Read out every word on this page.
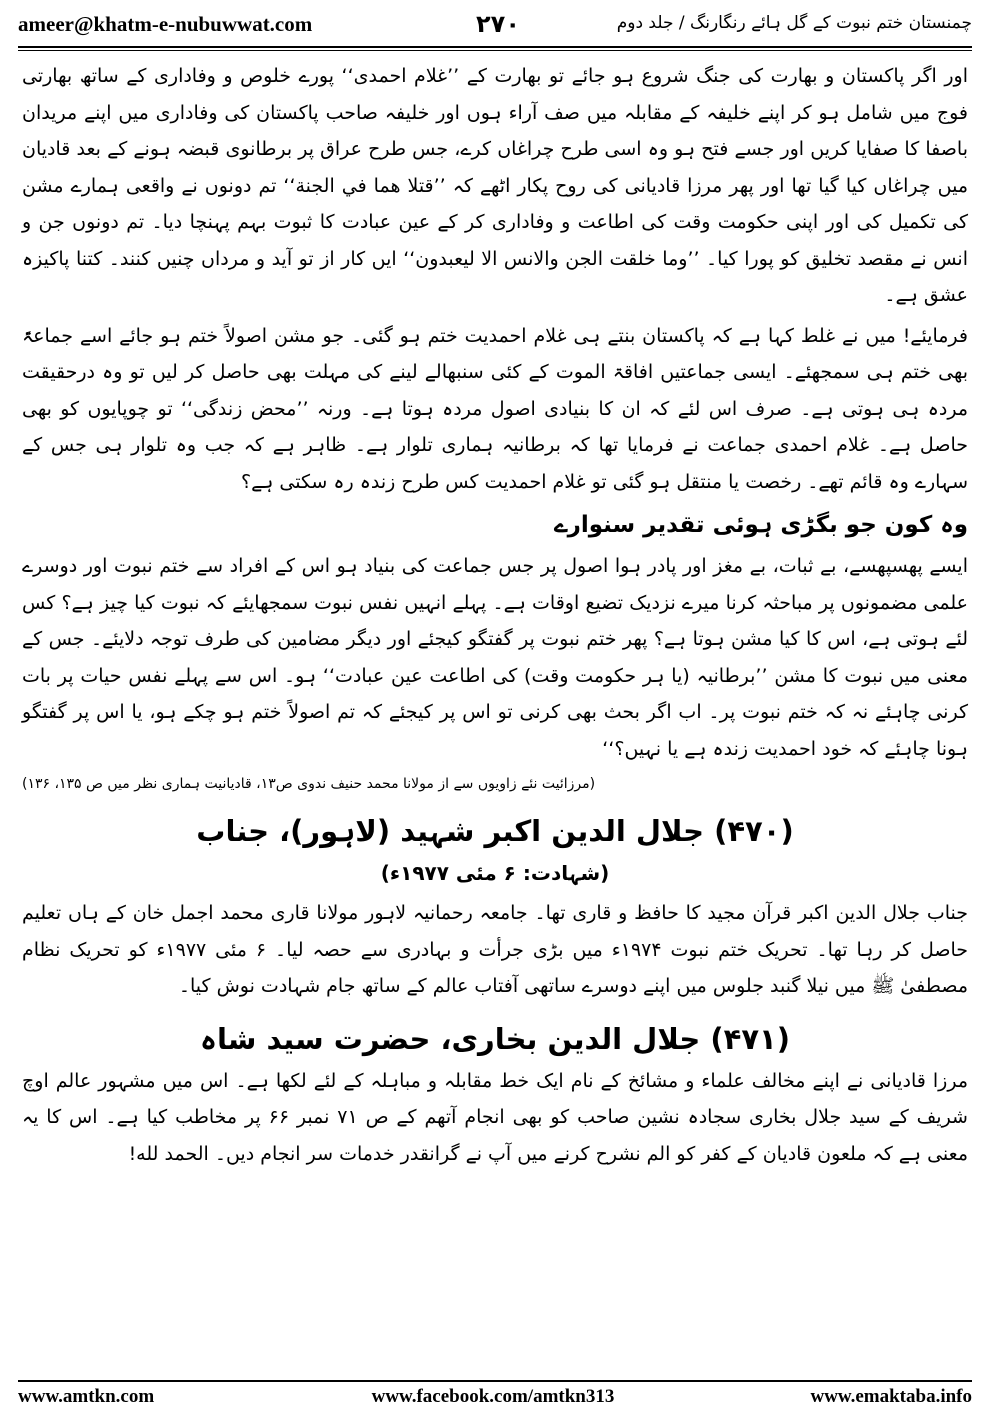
ameer@khatm-e-nubuwwat.com	۲۷۰	چمنستان ختم نبوت کے گل ہائے رنگارنگ / جلد دوم

اور اگر پاکستان و بھارت کی جنگ شروع ہو جائے تو بھارت کے ’’غلام احمدی‘‘ پورے خلوص و وفاداری کے ساتھ بھارتی فوج میں شامل ہو کر اپنے خلیفہ کے مقابلہ میں صف آراء ہوں اور خلیفہ صاحب پاکستان کی وفاداری میں اپنے مریدان باصفا کا صفایا کریں اور جسے فتح ہو وہ اسی طرح چراغاں کرے، جس طرح عراق پر برطانوی قبضہ ہونے کے بعد قادیان میں چراغاں کیا گیا تھا اور پھر مرزا قادیانی کی روح پکار اٹھے کہ ’’قتلا هما في الجنة‘‘ تم دونوں نے واقعی ہمارے مشن کی تکمیل کی اور اپنی حکومت وقت کی اطاعت و وفاداری کر کے عین عبادت کا ثبوت بہم پہنچا دیا۔ تم دونوں جن و انس نے مقصد تخلیق کو پورا کیا۔ ’’وما خلقت الجن والانس الا لیعبدون‘‘ ایں کار از تو آید و مرداں چنیں کنند۔ کتنا پاکیزہ عشق ہے۔

فرمایئے! میں نے غلط کہا ہے کہ پاکستان بنتے ہی غلام احمدیت ختم ہو گئی۔ جو مشن اصولاً ختم ہو جائے اسے جماعۃً بھی ختم ہی سمجھئے۔ ایسی جماعتیں افاقۃ الموت کے کئی سنبھالے لینے کی مہلت بھی حاصل کر لیں تو وہ درحقیقت مردہ ہی ہوتی ہے۔ صرف اس لئے کہ ان کا بنیادی اصول مردہ ہوتا ہے۔ ورنہ ’’محض زندگی‘‘ تو چوپایوں کو بھی حاصل ہے۔ غلام احمدی جماعت نے فرمایا تھا کہ برطانیہ ہماری تلوار ہے۔ ظاہر ہے کہ جب وہ تلوار ہی جس کے سہارے وہ قائم تھے۔ رخصت یا منتقل ہو گئی تو غلام احمدیت کس طرح زندہ رہ سکتی ہے؟

وہ کون جو بگڑی ہوئی تقدیر سنوارے

ایسے پھسپھسے، بے ثبات، بے مغز اور پادر ہوا اصول پر جس جماعت کی بنیاد ہو اس کے افراد سے ختم نبوت اور دوسرے علمی مضمونوں پر مباحثہ کرنا میرے نزدیک تضیع اوقات ہے۔ پہلے انہیں نفس نبوت سمجھایئے کہ نبوت کیا چیز ہے؟ کس لئے ہوتی ہے، اس کا کیا مشن ہوتا ہے؟ پھر ختم نبوت پر گفتگو کیجئے اور دیگر مضامین کی طرف توجہ دلایئے۔ جس کے معنی میں نبوت کا مشن ’’برطانیہ (یا ہر حکومت وقت) کی اطاعت عین عبادت‘‘ ہو۔ اس سے پہلے نفس حیات پر بات کرنی چاہئے نہ کہ ختم نبوت پر۔ اب اگر بحث بھی کرنی تو اس پر کیجئے کہ تم اصولاً ختم ہو چکے ہو، یا اس پر گفتگو ہونا چاہئے کہ خود احمدیت زندہ ہے یا نہیں؟‘‘

(مرزائیت نئے زاویوں سے از مولانا محمد حنیف ندوی ص۱۳، قادیانیت ہماری نظر میں ص ۱۳۵، ۱۳۶)
(۴۷۰) جلال الدین اکبر شہید (لاہور)، جناب
(شہادت: ۶ مئی ۱۹۷۷ء)

جناب جلال الدین اکبر قرآن مجید کا حافظ و قاری تھا۔ جامعہ رحمانیہ لاہور مولانا قاری محمد اجمل خان کے ہاں تعلیم حاصل کر رہا تھا۔ تحریک ختم نبوت ۱۹۷۴ء میں بڑی جرأت و بہادری سے حصہ لیا۔ ۶ مئی ۱۹۷۷ء کو تحریک نظام مصطفیٰ ﷺ میں نیلا گنبد جلوس میں اپنے دوسرے ساتھی آفتاب عالم کے ساتھ جام شہادت نوش کیا۔

(۴۷۱) جلال الدین بخاری، حضرت سید شاہ

مرزا قادیانی نے اپنے مخالف علماء و مشائخ کے نام ایک خط مقابلہ و مباہلہ کے لئے لکھا ہے۔ اس میں مشہور عالم اوچ شریف کے سید جلال بخاری سجادہ نشین صاحب کو بھی انجام آتھم کے ص ۷۱ نمبر ۶۶ پر مخاطب کیا ہے۔ اس کا یہ معنی ہے کہ ملعون قادیان کے کفر کو الم نشرح کرنے میں آپ نے گرانقدر خدمات سر انجام دیں۔ الحمد لله!

www.amtkn.com	www.facebook.com/amtkn313	www.emaktaba.info
